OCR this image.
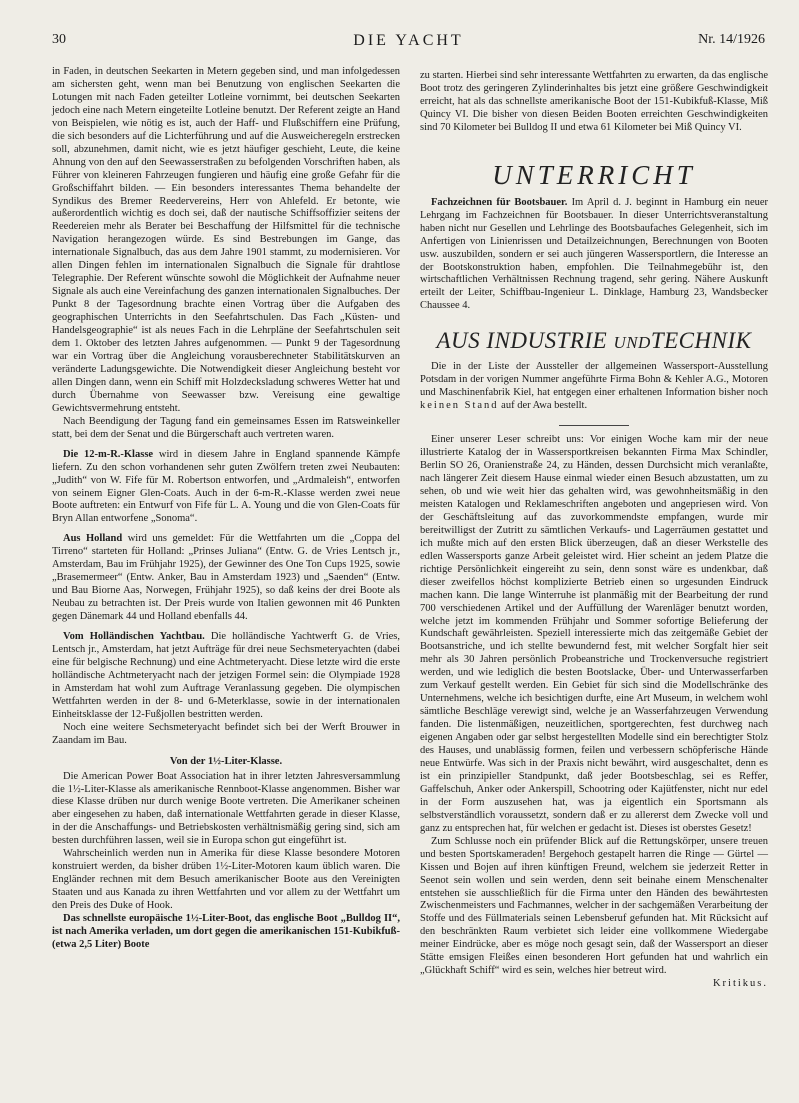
30	DIE YACHT	Nr. 14/1926

in Faden, in deutschen Seekarten in Metern gegeben sind, und man infolgedessen am sichersten geht, wenn man bei Benutzung von englischen Seekarten die Lotungen mit nach Faden geteilter Lotleine vornimmt, bei deutschen Seekarten jedoch eine nach Metern eingeteilte Lotleine benutzt. Der Referent zeigte an Hand von Beispielen, wie nötig es ist, auch der Haff- und Flußschiffern eine Prüfung, die sich besonders auf die Lichterführung und auf die Ausweicheregeln erstrecken soll, abzunehmen, damit nicht, wie es jetzt häufiger geschieht, Leute, die keine Ahnung von den auf den Seewasserstraßen zu befolgenden Vorschriften haben, als Führer von kleineren Fahrzeugen fungieren und häufig eine große Gefahr für die Großschiffahrt bilden. — Ein besonders interessantes Thema behandelte der Syndikus des Bremer Reedervereins, Herr von Ahlefeld. Er betonte, wie außerordentlich wichtig es doch sei, daß der nautische Schiffsoffizier seitens der Reedereien mehr als Berater bei Beschaffung der Hilfsmittel für die technische Navigation herangezogen würde. Es sind Bestrebungen im Gange, das internationale Signalbuch, das aus dem Jahre 1901 stammt, zu modernisieren. Vor allen Dingen fehlen im internationalen Signalbuch die Signale für drahtlose Telegraphie. Der Referent wünschte sowohl die Möglichkeit der Aufnahme neuer Signale als auch eine Vereinfachung des ganzen internationalen Signalbuches. Der Punkt 8 der Tagesordnung brachte einen Vortrag über die Aufgaben des geographischen Unterrichts in den Seefahrtschulen. Das Fach „Küsten- und Handelsgeographie“ ist als neues Fach in die Lehrpläne der Seefahrtschulen seit dem 1. Oktober des letzten Jahres aufgenommen. — Punkt 9 der Tagesordnung war ein Vortrag über die Angleichung vorausberechneter Stabilitätskurven an veränderte Ladungsgewichte. Die Notwendigkeit dieser Angleichung besteht vor allen Dingen dann, wenn ein Schiff mit Holzdecksladung schweres Wetter hat und durch Übernahme von Seewasser bzw. Vereisung eine gewaltige Gewichtsvermehrung entsteht.

Nach Beendigung der Tagung fand ein gemeinsames Essen im Ratsweinkeller statt, bei dem der Senat und die Bürgerschaft auch vertreten waren.

Die 12-m-R.-Klasse wird in diesem Jahre in England spannende Kämpfe liefern. Zu den schon vorhandenen sehr guten Zwölfern treten zwei Neubauten: „Judith“ von W. Fife für M. Robertson entworfen, und „Ardmaleish“, entworfen von seinem Eigner Glen-Coats. Auch in der 6-m-R.-Klasse werden zwei neue Boote auftreten: ein Entwurf von Fife für L. A. Young und die von Glen-Coats für Bryn Allan entworfene „Sonoma“.

Aus Holland wird uns gemeldet: Für die Wettfahrten um die „Coppa del Tirreno“ starteten für Holland: „Prinses Juliana“ (Entw. G. de Vries Lentsch jr., Amsterdam, Bau im Frühjahr 1925), der Gewinner des One Ton Cups 1925, sowie „Brasemermeer“ (Entw. Anker, Bau in Amsterdam 1923) und „Saenden“ (Entw. und Bau Biorne Aas, Norwegen, Frühjahr 1925), so daß keins der drei Boote als Neubau zu betrachten ist. Der Preis wurde von Italien gewonnen mit 46 Punkten gegen Dänemark 44 und Holland ebenfalls 44.

Vom Holländischen Yachtbau. Die holländische Yachtwerft G. de Vries, Lentsch jr., Amsterdam, hat jetzt Aufträge für drei neue Sechsmeteryachten (dabei eine für belgische Rechnung) und eine Achtmeteryacht. Diese letzte wird die erste holländische Achtmeteryacht nach der jetzigen Formel sein: die Olympiade 1928 in Amsterdam hat wohl zum Auftrage Veranlassung gegeben. Die olympischen Wettfahrten werden in der 8- und 6-Meterklasse, sowie in der internationalen Einheitsklasse der 12-Fußjollen bestritten werden.

Noch eine weitere Sechsmeteryacht befindet sich bei der Werft Brouwer in Zaandam im Bau.

Von der 1½-Liter-Klasse.

Die American Power Boat Association hat in ihrer letzten Jahresversammlung die 1½-Liter-Klasse als amerikanische Rennboot-Klasse angenommen. Bisher war diese Klasse drüben nur durch wenige Boote vertreten. Die Amerikaner scheinen aber eingesehen zu haben, daß internationale Wettfahrten gerade in dieser Klasse, in der die Anschaffungs- und Betriebskosten verhältnismäßig gering sind, sich am besten durchführen lassen, weil sie in Europa schon gut eingeführt ist.

Wahrscheinlich werden nun in Amerika für diese Klasse besondere Motoren konstruiert werden, da bisher drüben 1½-Liter-Motoren kaum üblich waren. Die Engländer rechnen mit dem Besuch amerikanischer Boote aus den Vereinigten Staaten und aus Kanada zu ihren Wettfahrten und vor allem zu der Wettfahrt um den Preis des Duke of Hook.

Das schnellste europäische 1½-Liter-Boot, das englische Boot „Bulldog II“, ist nach Amerika verladen, um dort gegen die amerikanischen 151-Kubikfuß- (etwa 2,5 Liter) Boote

zu starten. Hierbei sind sehr interessante Wettfahrten zu erwarten, da das englische Boot trotz des geringeren Zylinderinhaltes bis jetzt eine größere Geschwindigkeit erreicht, hat als das schnellste amerikanische Boot der 151-Kubikfuß-Klasse, Miß Quincy VI. Die bisher von diesen Beiden Booten erreichten Geschwindigkeiten sind 70 Kilometer bei Bulldog II und etwa 61 Kilometer bei Miß Quincy VI.

UNTERRICHT

Fachzeichnen für Bootsbauer. Im April d. J. beginnt in Hamburg ein neuer Lehrgang im Fachzeichnen für Bootsbauer. In dieser Unterrichtsveranstaltung haben nicht nur Gesellen und Lehrlinge des Bootsbaufaches Gelegenheit, sich im Anfertigen von Linienrissen und Detailzeichnungen, Berechnungen von Booten usw. auszubilden, sondern er sei auch jüngeren Wassersportlern, die Interesse an der Bootskonstruktion haben, empfohlen. Die Teilnahmegebühr ist, den wirtschaftlichen Verhältnissen Rechnung tragend, sehr gering. Nähere Auskunft erteilt der Leiter, Schiffbau-Ingenieur L. Dinklage, Hamburg 23, Wandsbecker Chaussee 4.

AUS INDUSTRIE UNDTECHNIK

Die in der Liste der Aussteller der allgemeinen Wassersport-Ausstellung Potsdam in der vorigen Nummer angeführte Firma Bohn & Kehler A.G., Motoren und Maschinenfabrik Kiel, hat entgegen einer erhaltenen Information bisher noch keinen Stand auf der Awa bestellt.

Einer unserer Leser schreibt uns: Vor einigen Woche kam mir der neue illustrierte Katalog der in Wassersportkreisen bekannten Firma Max Schindler, Berlin SO 26, Oranienstraße 24, zu Händen, dessen Durchsicht mich veranlaßte, nach längerer Zeit diesem Hause einmal wieder einen Besuch abzustatten, um zu sehen, ob und wie weit hier das gehalten wird, was gewohnheitsmäßig in den meisten Katalogen und Reklameschriften angeboten und angepriesen wird. Von der Geschäftsleitung auf das zuvorkommendste empfangen, wurde mir bereitwilligst der Zutritt zu sämtlichen Verkaufs- und Lagerräumen gestattet und ich mußte mich auf den ersten Blick überzeugen, daß an dieser Werkstelle des edlen Wassersports ganze Arbeit geleistet wird. Hier scheint an jedem Platze die richtige Persönlichkeit eingereiht zu sein, denn sonst wäre es undenkbar, daß dieser zweifellos höchst komplizierte Betrieb einen so urgesunden Eindruck machen kann. Die lange Winterruhe ist planmäßig mit der Bearbeitung der rund 700 verschiedenen Artikel und der Auffüllung der Warenläger benutzt worden, welche jetzt im kommenden Frühjahr und Sommer sofortige Belieferung der Kundschaft gewährleisten. Speziell interessierte mich das zeitgemäße Gebiet der Bootsanstriche, und ich stellte bewundernd fest, mit welcher Sorgfalt hier seit mehr als 30 Jahren persönlich Probeanstriche und Trockenversuche registriert werden, und wie lediglich die besten Bootslacke, Über- und Unterwasserfarben zum Verkauf gestellt werden. Ein Gebiet für sich sind die Modellschränke des Unternehmens, welche ich besichtigen durfte, eine Art Museum, in welchem wohl sämtliche Beschläge verewigt sind, welche je an Wasserfahrzeugen Verwendung fanden. Die listenmäßigen, neuzeitlichen, sportgerechten, fest durchweg nach eigenen Angaben oder gar selbst hergestellten Modelle sind ein berechtigter Stolz des Hauses, und unablässig formen, feilen und verbessern schöpferische Hände neue Entwürfe. Was sich in der Praxis nicht bewährt, wird ausgeschaltet, denn es ist ein prinzipieller Standpunkt, daß jeder Bootsbeschlag, sei es Reffer, Gaffelschuh, Anker oder Ankerspill, Schootring oder Kajütfenster, nicht nur edel in der Form auszusehen hat, was ja eigentlich ein Sportsmann als selbstverständlich voraussetzt, sondern daß er zu allererst dem Zwecke voll und ganz zu entsprechen hat, für welchen er gedacht ist. Dieses ist oberstes Gesetz!

Zum Schlusse noch ein prüfender Blick auf die Rettungskörper, unsere treuen und besten Sportskameraden! Bergehoch gestapelt harren die Ringe — Gürtel — Kissen und Bojen auf ihren künftigen Freund, welchem sie jederzeit Retter in Seenot sein wollen und sein werden, denn seit beinahe einem Menschenalter entstehen sie ausschließlich für die Firma unter den Händen des bewährtesten Zwischenmeisters und Fachmannes, welcher in der sachgemäßen Verarbeitung der Stoffe und des Füllmaterials seinen Lebensberuf gefunden hat. Mit Rücksicht auf den beschränkten Raum verbietet sich leider eine vollkommene Wiedergabe meiner Eindrücke, aber es möge noch gesagt sein, daß der Wassersport an dieser Stätte emsigen Fleißes einen besonderen Hort gefunden hat und wahrlich ein „Glückhaft Schiff“ wird es sein, welches hier betreut wird.

Kritikus.
